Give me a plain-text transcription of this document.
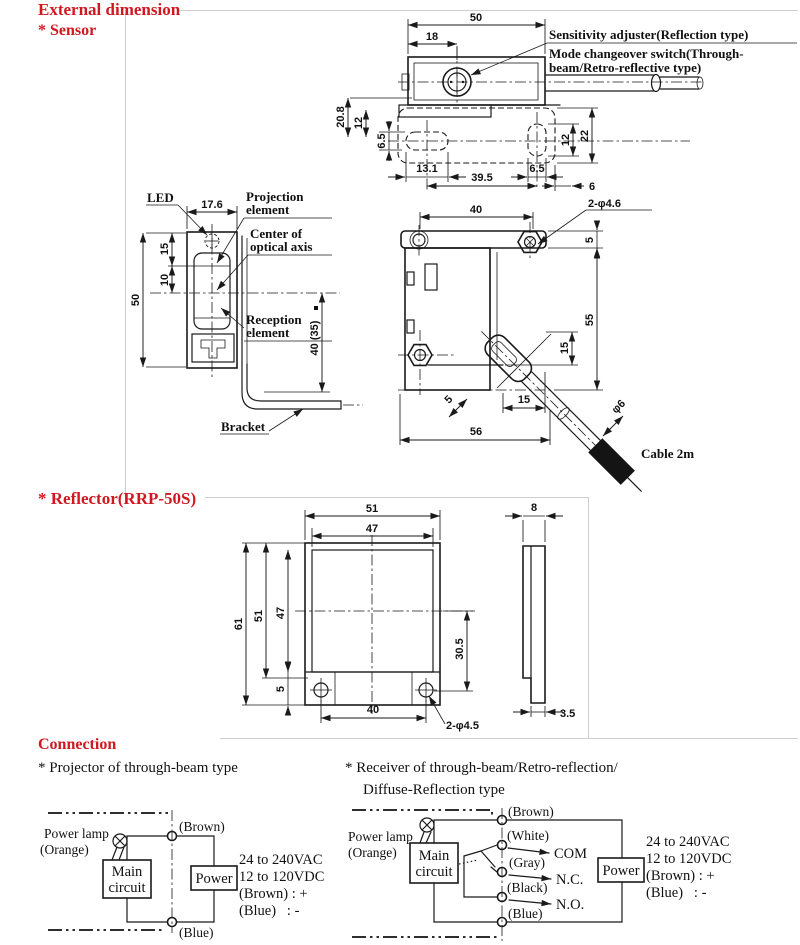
External dimension
* Sensor
* Reflector(RRP-50S)
Connection
* Projector of through-beam type	* Receiver of through-beam/Retro-reflection/
Diffuse-Reflection type
50
18	Sensitivity adjuster(Reflection type)
Mode changeover switch(Through-
beam/Retro-reflective type)
20.8 12
6.5
13.1
39.5
6.5
6
12 22
LED	17.6
50
15
10
40 (35)
Projection
element
Center of
optical axis
Reception
element
Bracket
40	2-φ4.6
5
55
15
5	15
56
φ6
Cable 2m
51
47
61
51 47
30.5
5
40
2-φ4.5
8
3.5
Power lamp
(Orange)
Main
circuit
Power
(Brown)
(Blue)
24 to 240VAC
12 to 120VDC
(Brown) : +
(Blue)   : -
Power lamp
(Orange) Main
circuit	Power
(Brown)
(White)
(Gray)
(Black)
(Blue)
COM
N.C.
N.O.
24 to 240VAC
12 to 120VDC
(Brown) : +
(Blue)   : -
